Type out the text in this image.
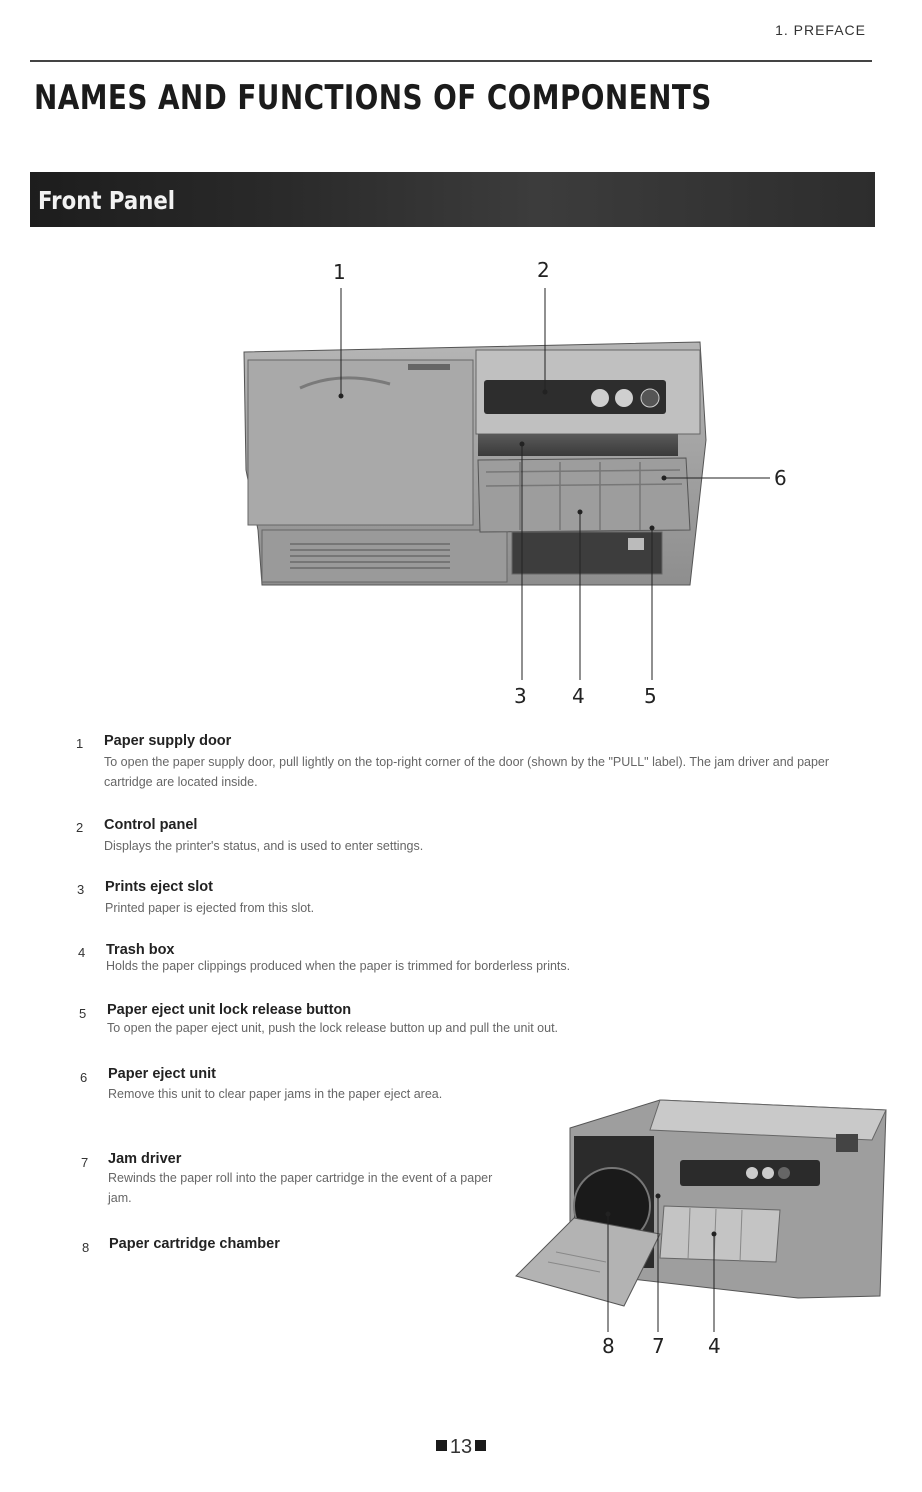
1. PREFACE
NAMES AND FUNCTIONS OF COMPONENTS
Front Panel
1	2
3 4	5
6
1 Paper supply door
To open the paper supply door, pull lightly on the top-right corner of the door (shown by the "PULL" label). The jam driver and paper cartridge are located inside.
2 Control panel
Displays the printer's status, and is used to enter settings.
3 Prints eject slot
Printed paper is ejected from this slot.
4 Trash box
Holds the paper clippings produced when the paper is trimmed for borderless prints.
5 Paper eject unit lock release button
To open the paper eject unit, push the lock release button up and pull the unit out.
6 Paper eject unit
Remove this unit to clear paper jams in the paper eject area.
7 Jam driver
Rewinds the paper roll into the paper cartridge in the event of a paper jam.
8 Paper cartridge chamber
8 7 4
13
